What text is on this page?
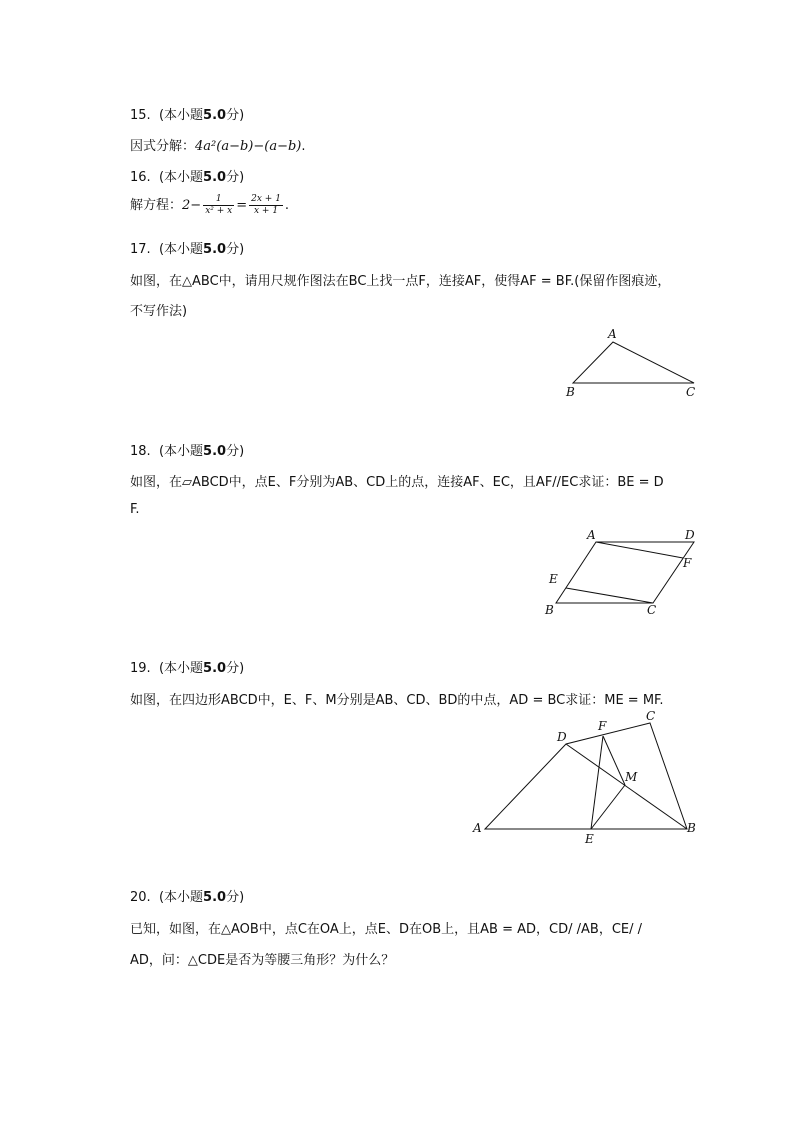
15. (本小题5.0分)
因式分解：4a²(a−b)−(a−b).
16. (本小题5.0分)
解方程：$2- \frac{1}{\text{x² + x}} = \frac{2x + 1}{x + 1}$ .
17. (本小题5.0分)
如图，在△ABC中，请用尺规作图法在BC上找一点F，连接AF，使得AF = BF.(保留作图痕迹，
不写作法)
A
B	C
18. (本小题5.0分)
如图，在▱ABCD中，点E、F分别为AB、CD上的点，连接AF、EC，且AF//EC求证：BE = D
F.
A	D
F
E
B	C
19. (本小题5.0分)
如图，在四边形ABCD中，E、F、M分别是AB、CD、BD的中点，AD = BC求证：ME = MF.
F
C
D
M
A	B
E
20. (本小题5.0分)
已知，如图，在△AOB中，点C在OA上，点E、D在OB上，且AB = AD，CD/ /AB，CE/ /
AD，问：△CDE是否为等腰三角形？为什么？
